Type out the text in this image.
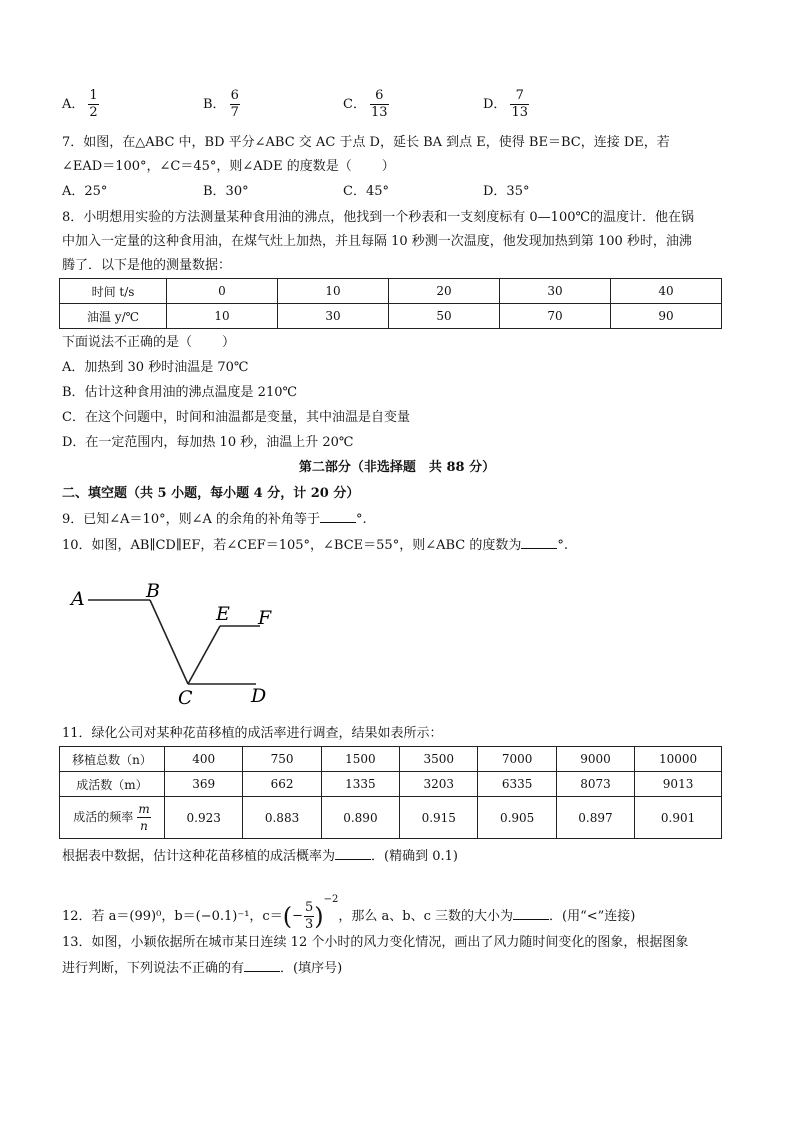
A． $\frac{1}{2}$	B． $\frac{6}{7}$	C． $\frac{6}{13}$	D． $\frac{7}{13}$
7．如图，在△ABC 中，BD 平分∠ABC 交 AC 于点 D，延长 BA 到点 E，使得 BE＝BC，连接 DE，若
∠EAD＝100°，∠C＝45°，则∠ADE 的度数是（ ）
A．25°	B．30°	C．45°	D．35°
8．小明想用实验的方法测量某种食用油的沸点，他找到一个秒表和一支刻度标有 0—100℃的温度计．他在锅
中加入一定量的这种食用油，在煤气灶上加热，并且每隔 10 秒测一次温度，他发现加热到第 100 秒时，油沸
腾了．以下是他的测量数据：
时间 t/s	0	10	20	30	40
油温 y/℃	10	30	50	70	90
下面说法不正确的是（ ）
A．加热到 30 秒时油温是 70℃
B．估计这种食用油的沸点温度是 210℃
C．在这个问题中，时间和油温都是变量，其中油温是自变量
D．在一定范围内，每加热 10 秒，油温上升 20℃
第二部分（非选择题　共 88 分）
二、填空题（共 5 小题，每小题 4 分，计 20 分）
9．已知∠A＝10°，则∠A 的余角的补角等于	°.
10．如图，AB∥CD∥EF，若∠CEF＝105°，∠BCE＝55°，则∠ABC 的度数为	°.
A	B
C	D
E F
11．绿化公司对某种花苗移植的成活率进行调查，结果如表所示：
移植总数（n）	400	750	1500	3500	7000	9000	10000
成活数（m）	369	662	1335	3203	6335	8073	9013
成活的频率 $\frac{m}{n}$	0.923	0.883	0.890	0.915	0.905	0.897	0.901
根据表中数据，估计这种花苗移植的成活概率为	．(精确到 0.1)
12．若 a＝(99)⁰，b＝(−0.1)⁻¹，$c=(- \frac{5}{3} )^{-2}$，那么 a、b、c 三数的大小为	．(用“<”连接)
13．如图，小颖依据所在城市某日连续 12 个小时的风力变化情况，画出了风力随时间变化的图象，根据图象
进行判断，下列说法不正确的有	．(填序号)
